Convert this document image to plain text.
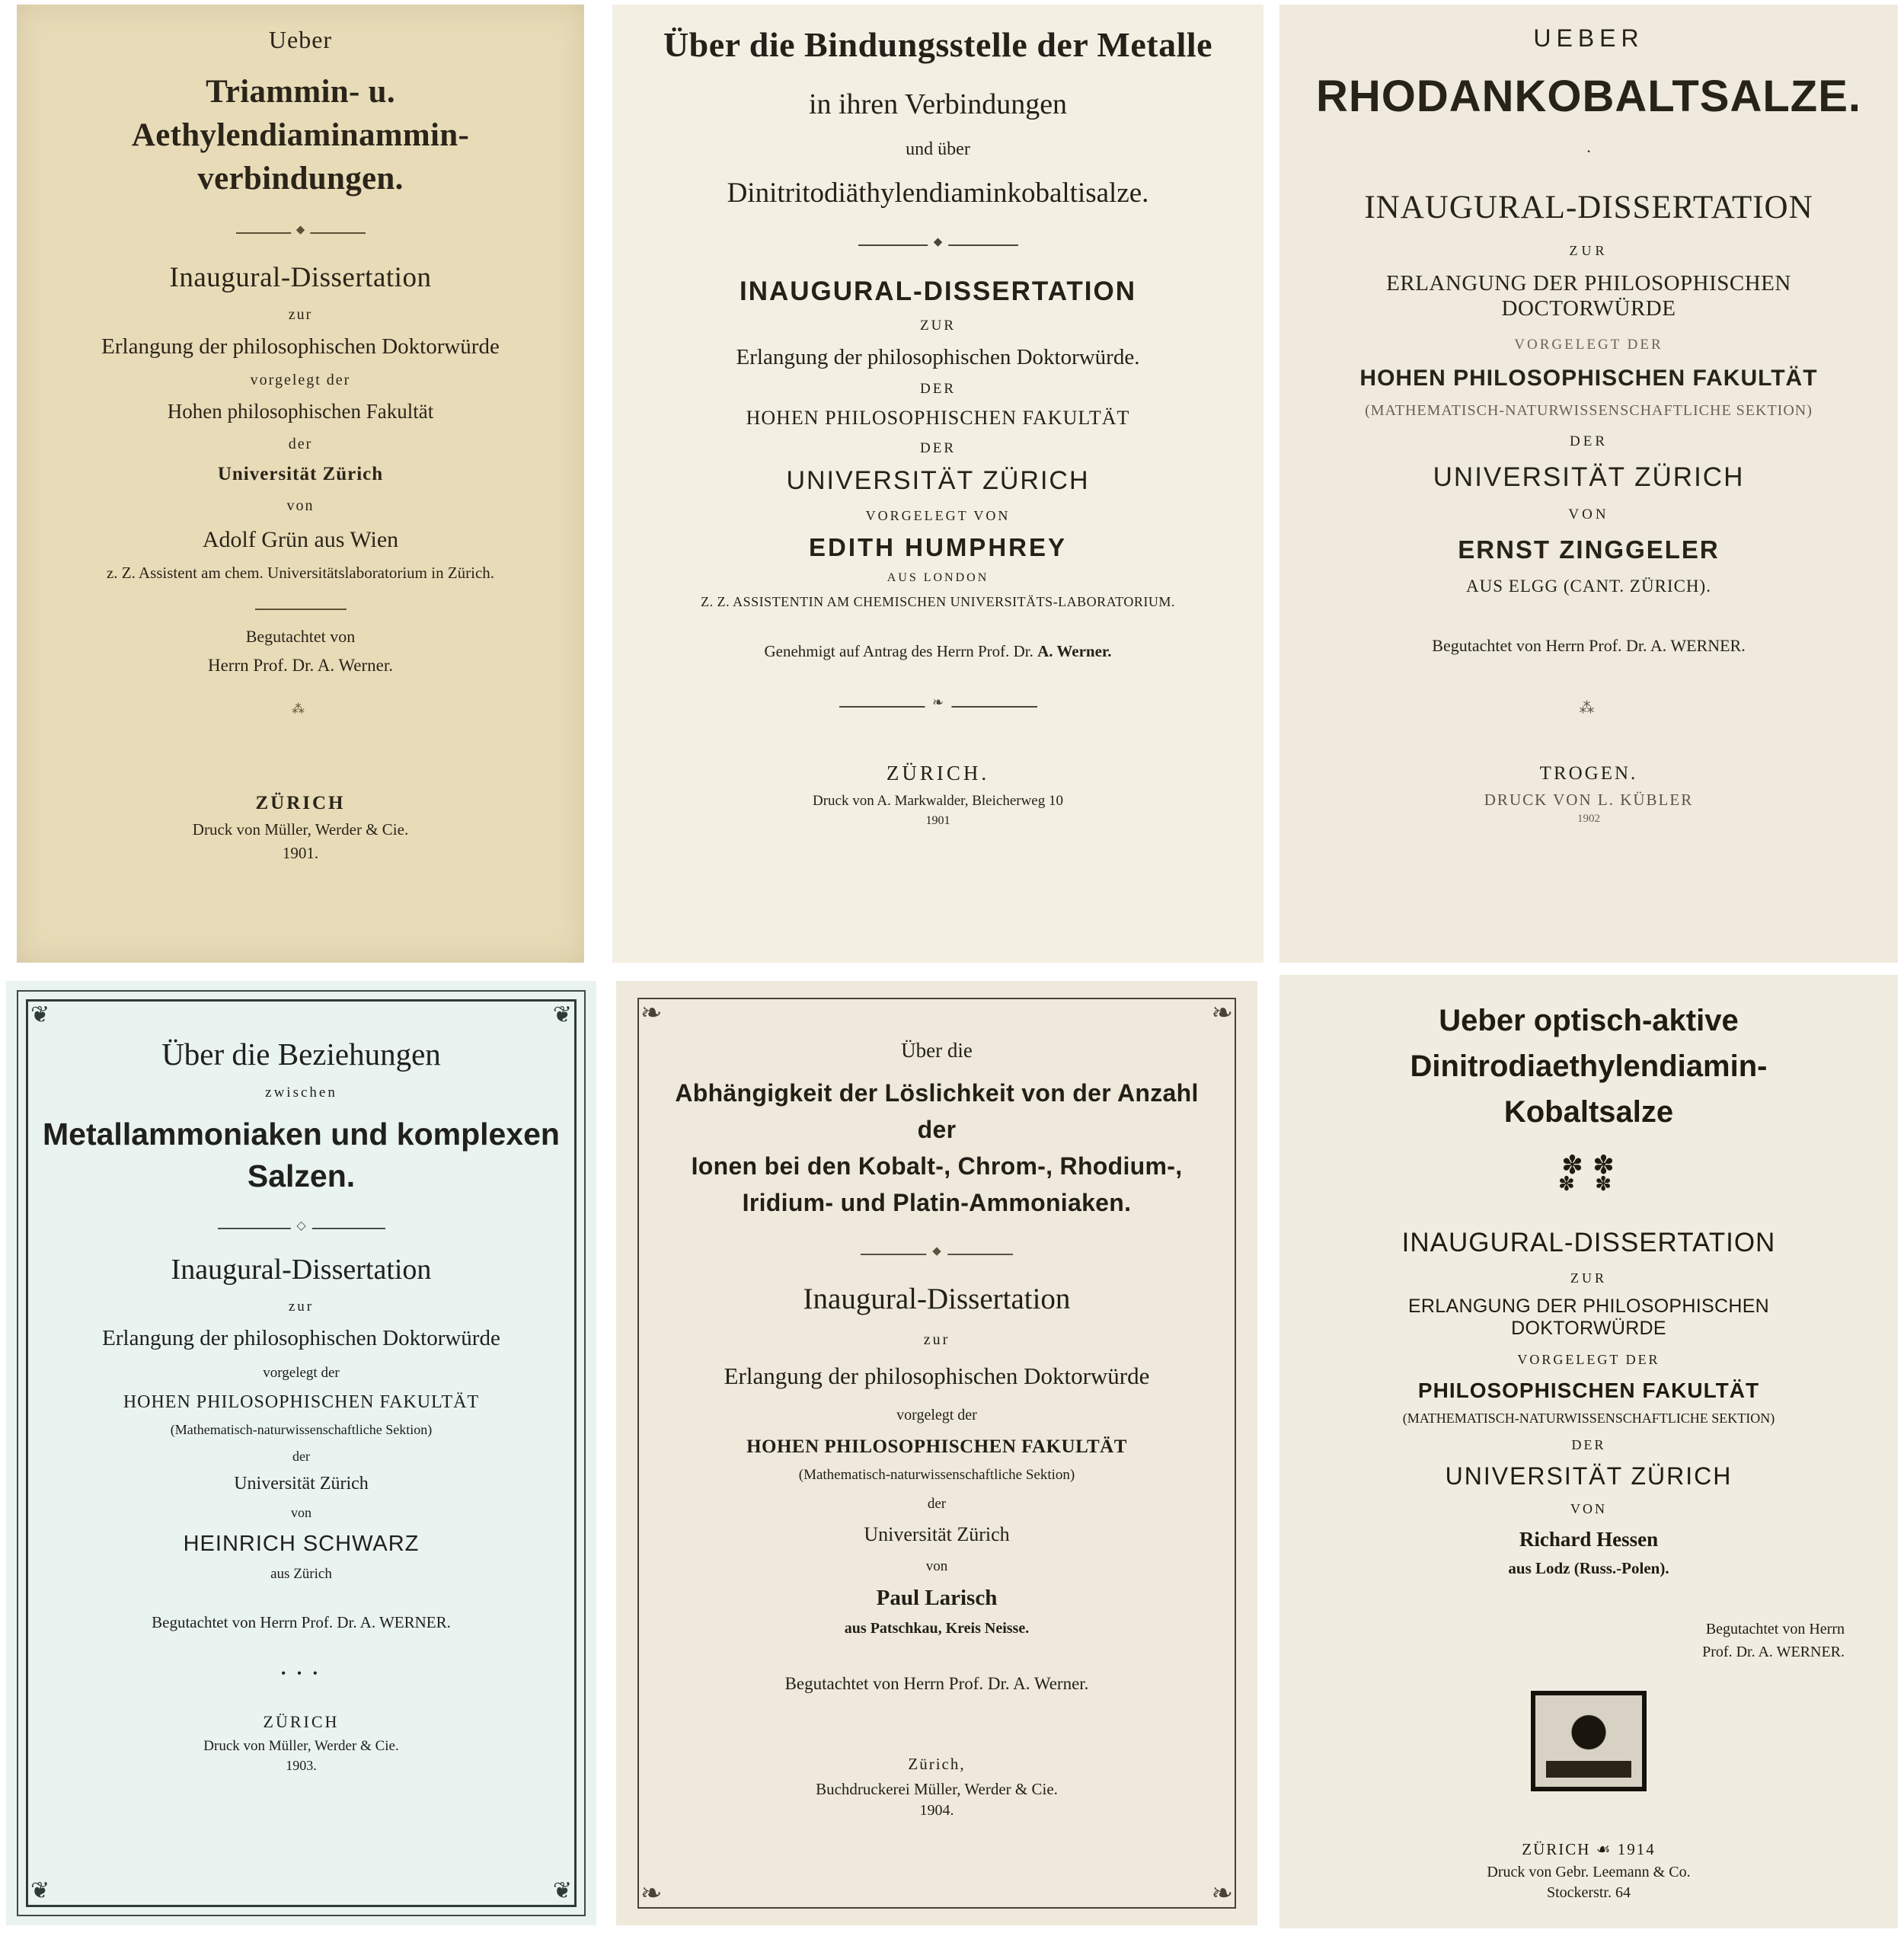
Ueber
Triammin- u. Aethylendiaminammin-
verbindungen.
◆
Inaugural-Dissertation
zur
Erlangung der philosophischen Doktorwürde
vorgelegt der
Hohen philosophischen Fakultät
der
Universität Zürich
von
Adolf Grün aus Wien
z. Z. Assistent am chem. Universitätslaboratorium in Zürich.
Begutachtet von
Herrn Prof. Dr. A. Werner.
⁂
ZÜRICH
Druck von Müller, Werder & Cie.
1901.
Über die Bindungsstelle der Metalle
in ihren Verbindungen
und über
Dinitritodiäthylendiaminkobaltisalze.
◆
INAUGURAL-DISSERTATION
ZUR
Erlangung der philosophischen Doktorwürde.
DER
HOHEN PHILOSOPHISCHEN FAKULTÄT
DER
UNIVERSITÄT ZÜRICH
VORGELEGT VON
EDITH HUMPHREY
AUS LONDON
Z. Z. ASSISTENTIN AM CHEMISCHEN UNIVERSITÄTS-LABORATORIUM.
Genehmigt auf Antrag des Herrn Prof. Dr. A. Werner.
❧
ZÜRICH.
Druck von A. Markwalder, Bleicherweg 10
1901
UEBER
RHODANKOBALTSALZE.
·
INAUGURAL-DISSERTATION
ZUR
ERLANGUNG DER PHILOSOPHISCHEN DOCTORWÜRDE
VORGELEGT DER
HOHEN PHILOSOPHISCHEN FAKULTÄT
(MATHEMATISCH-NATURWISSENSCHAFTLICHE SEKTION)
DER
UNIVERSITÄT ZÜRICH
VON
ERNST ZINGGELER
AUS ELGG (CANT. ZÜRICH).
Begutachtet von Herrn Prof. Dr. A. WERNER.
⁂
TROGEN.
DRUCK VON L. KÜBLER
1902
❦	❦
❦	❦
Über die Beziehungen
zwischen
Metallammoniaken und komplexen
Salzen.
◇
Inaugural-Dissertation
zur
Erlangung der philosophischen Doktorwürde
vorgelegt der
HOHEN PHILOSOPHISCHEN FAKULTÄT
(Mathematisch-naturwissenschaftliche Sektion)
der
Universität Zürich
von
HEINRICH SCHWARZ
aus Zürich
Begutachtet von Herrn Prof. Dr. A. WERNER.
• • •
ZÜRICH
Druck von Müller, Werder & Cie.
1903.
❧	❧
❧	❧
Über die
Abhängigkeit der Löslichkeit von der Anzahl der
Ionen bei den Kobalt-, Chrom-, Rhodium-,
Iridium- und Platin-Ammoniaken.
◆
Inaugural-Dissertation
zur
Erlangung der philosophischen Doktorwürde
vorgelegt der
HOHEN PHILOSOPHISCHEN FAKULTÄT
(Mathematisch-naturwissenschaftliche Sektion)
der
Universität Zürich
von
Paul Larisch
aus Patschkau, Kreis Neisse.
Begutachtet von Herrn Prof. Dr. A. Werner.
Zürich,
Buchdruckerei Müller, Werder & Cie.
1904.
Ueber optisch-aktive
Dinitrodiaethylendiamin-
Kobaltsalze
✽ ✽
✽ ✽
INAUGURAL-DISSERTATION
ZUR
ERLANGUNG DER PHILOSOPHISCHEN DOKTORWÜRDE
VORGELEGT DER
PHILOSOPHISCHEN FAKULTÄT
(MATHEMATISCH-NATURWISSENSCHAFTLICHE SEKTION)
DER
UNIVERSITÄT ZÜRICH
VON
Richard Hessen
aus Lodz (Russ.-Polen).
Begutachtet von Herrn
Prof. Dr. A. WERNER.
ZÜRICH ☙ 1914
Druck von Gebr. Leemann & Co.
Stockerstr. 64
